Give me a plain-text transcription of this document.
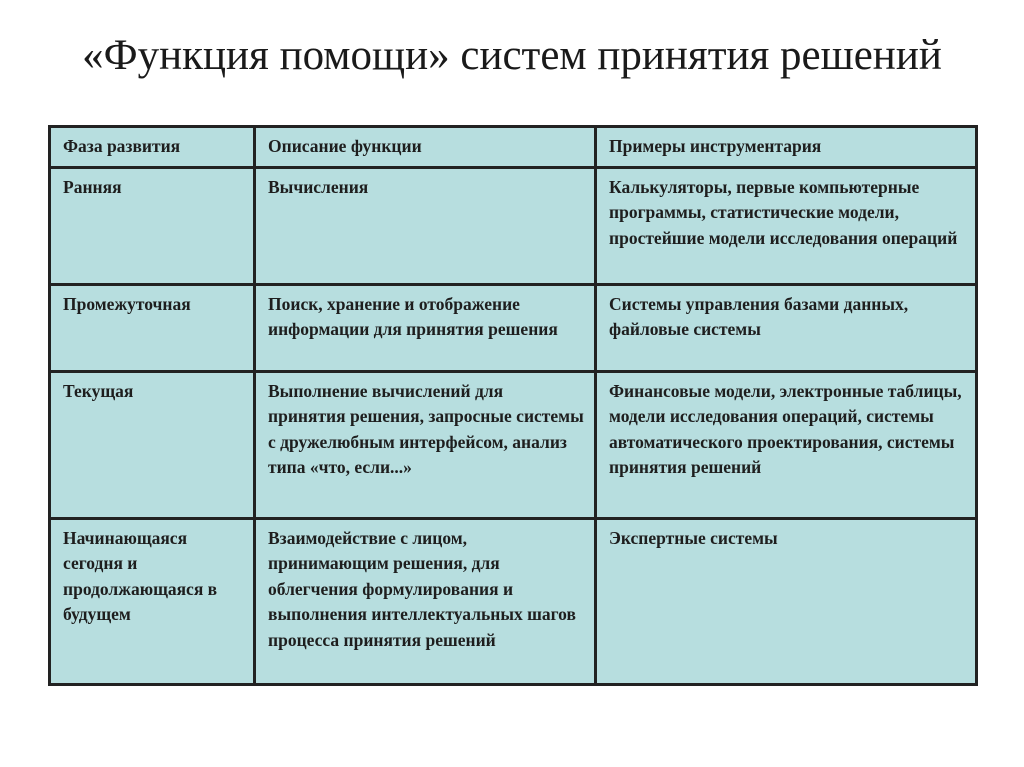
«Функция помощи» систем принятия решений
Фаза развития	Описание функции	Примеры инструментария
Ранняя	Вычисления	Калькуляторы, первые компьютерные программы, статистические модели, простейшие модели исследования операций
Промежуточная	Поиск, хранение и отображение информации для принятия решения	Системы управления базами данных, файловые системы
Текущая	Выполнение вычислений для принятия решения, запросные системы с дружелюбным интерфейсом, анализ типа «что, если...»	Финансовые модели, электронные таблицы, модели исследования операций, системы автоматического проектирования, системы принятия решений
Начинающаяся сегодня и продолжающаяся в будущем	Взаимодействие с лицом, принимающим решения, для облегчения формулирования и выполнения интеллектуальных шагов процесса принятия решений	Экспертные системы
